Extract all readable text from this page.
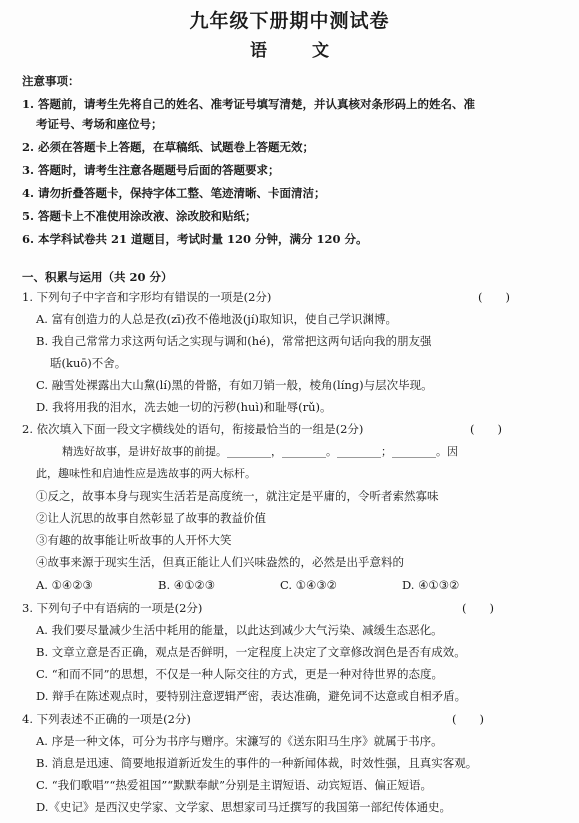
九年级下册期中测试卷
语　文
注意事项：
1. 答题前，请考生先将自己的姓名、准考证号填写清楚，并认真核对条形码上的姓名、准
考证号、考场和座位号；
2. 必须在答题卡上答题，在草稿纸、试题卷上答题无效；
3. 答题时，请考生注意各题题号后面的答题要求；
4. 请勿折叠答题卡，保持字体工整、笔迹清晰、卡面清洁；
5. 答题卡上不准使用涂改液、涂改胶和贴纸；
6. 本学科试卷共 21 道题目，考试时量 120 分钟，满分 120 分。
一、积累与运用（共 20 分）
1. 下列句子中字音和字形均有错误的一项是(2分)	(　　)
A. 富有创造力的人总是孜(zī)孜不倦地汲(jí)取知识，使自己学识渊博。
B. 我自己常常力求这两句话之实现与调和(hé)，常常把这两句话向我的朋友强
聒(kuō)不舍。
C. 融雪处裸露出大山黧(lí)黑的骨骼，有如刀销一般，棱角(líng)与层次毕现。
D. 我将用我的泪水，冼去她一切的污秽(huì)和耻辱(rǔ)。
2. 依次填入下面一段文字横线处的语句，衔接最恰当的一组是(2分)	(　　)
精选好故事，是讲好故事的前提。________，________。________；________。因
此，趣味性和启迪性应是选故事的两大标杆。
①反之，故事本身与现实生活若是高度统一，就注定是平庸的，令听者索然寡味
②让人沉思的故事自然彰显了故事的教益价值
③有趣的故事能让听故事的人开怀大笑
④故事来源于现实生活，但真正能让人们兴味盎然的，必然是出乎意料的
A. ①④②③	B. ④①②③	C. ①④③②	D. ④①③②
3. 下列句子中有语病的一项是(2分)	(　　)
A. 我们要尽量减少生活中耗用的能量，以此达到减少大气污染、减缓生态恶化。
B. 文章立意是否正确，观点是否鲜明，一定程度上决定了文章修改润色是否有成效。
C. “和而不同”的思想，不仅是一种人际交往的方式，更是一种对待世界的态度。
D. 辩手在陈述观点时，要特别注意逻辑严密，表达准确，避免词不达意或自相矛盾。
4. 下列表述不正确的一项是(2分)	(　　)
A. 序是一种文体，可分为书序与赠序。宋濂写的《送东阳马生序》就属于书序。
B. 消息是迅速、简要地报道新近发生的事件的一种新闻体裁，时效性强，且真实客观。
C. “我们歌唱”“热爱祖国”“默默奉献”分别是主谓短语、动宾短语、偏正短语。
D.《史记》是西汉史学家、文学家、思想家司马迁撰写的我国第一部纪传体通史。
